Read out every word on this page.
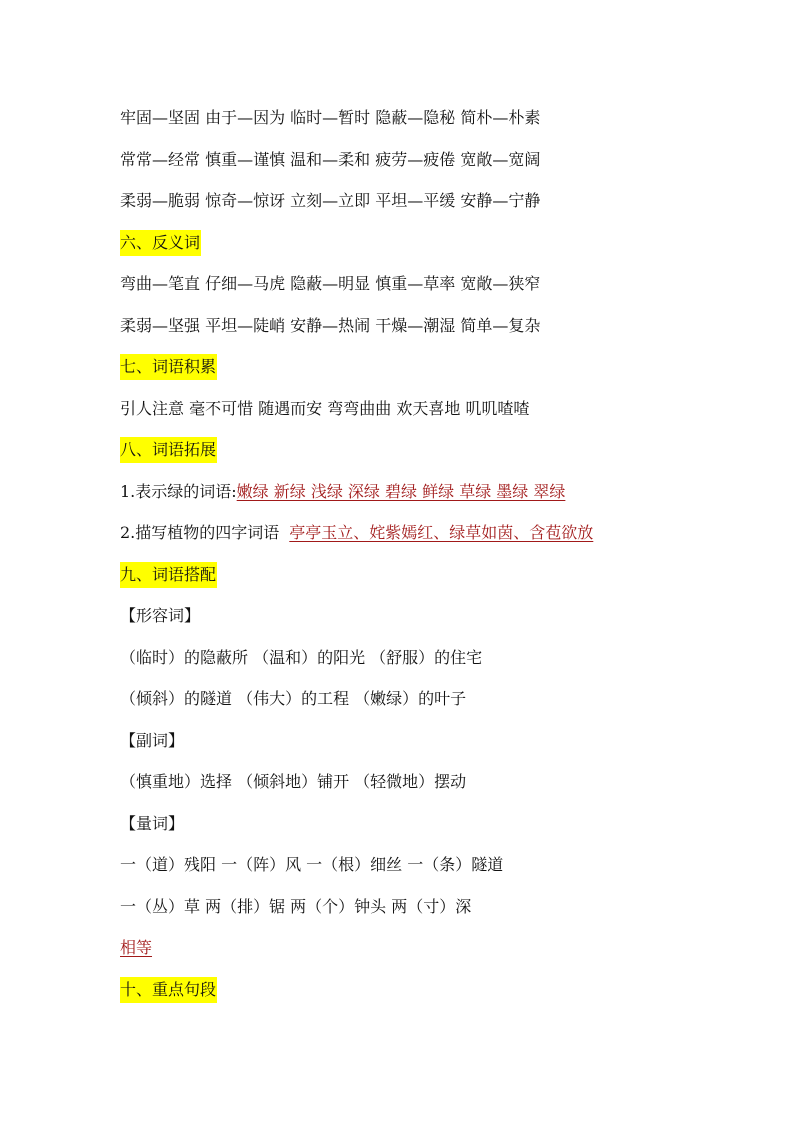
牢固—坚固 由于—因为 临时—暂时 隐蔽—隐秘 简朴—朴素
常常—经常 慎重—谨慎 温和—柔和 疲劳—疲倦 宽敞—宽阔
柔弱—脆弱 惊奇—惊讶 立刻—立即 平坦—平缓 安静—宁静
六、反义词
弯曲—笔直 仔细—马虎 隐蔽—明显 慎重—草率 宽敞—狭窄
柔弱—坚强 平坦—陡峭 安静—热闹 干燥—潮湿 简单—复杂
七、词语积累
引人注意 毫不可惜 随遇而安 弯弯曲曲 欢天喜地 叽叽喳喳
八、词语拓展
1.表示绿的词语:嫩绿 新绿 浅绿 深绿 碧绿 鲜绿 草绿 墨绿 翠绿
2.描写植物的四字词语 亭亭玉立、姹紫嫣红、绿草如茵、含苞欲放
九、词语搭配
【形容词】
（临时）的隐蔽所 （温和）的阳光 （舒服）的住宅
（倾斜）的隧道 （伟大）的工程 （嫩绿）的叶子
【副词】
（慎重地）选择 （倾斜地）铺开 （轻微地）摆动
【量词】
一（道）残阳 一（阵）风 一（根）细丝 一（条）隧道
一（丛）草 两（排）锯 两（个）钟头 两（寸）深
相等
十、重点句段
